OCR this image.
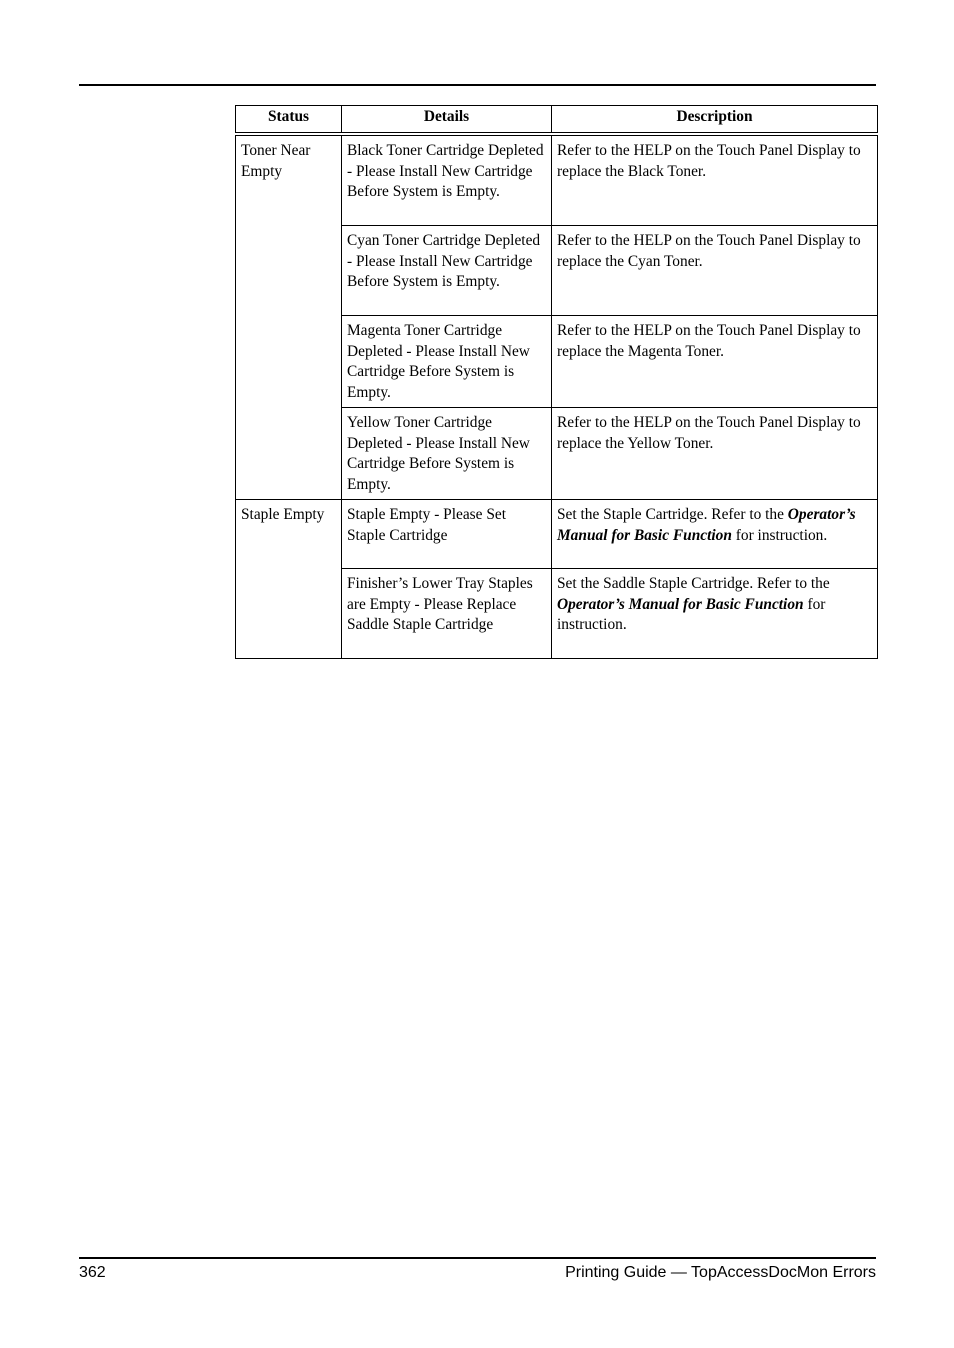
Status	Details	Description
Toner Near Empty	Black Toner Cartridge Depleted - Please Install New Cartridge Before System is Empty.	Refer to the HELP on the Touch Panel Display to replace the Black Toner.
	Cyan Toner Cartridge Depleted - Please Install New Cartridge Before System is Empty.	Refer to the HELP on the Touch Panel Display to replace the Cyan Toner.
	Magenta Toner Cartridge Depleted - Please Install New Cartridge Before System is Empty.	Refer to the HELP on the Touch Panel Display to replace the Magenta Toner.
	Yellow Toner Cartridge Depleted - Please Install New Cartridge Before System is Empty.	Refer to the HELP on the Touch Panel Display to replace the Yellow Toner.
Staple Empty	Staple Empty - Please Set Staple Cartridge	Set the Staple Cartridge. Refer to the Operator’s Manual for Basic Function for instruction.
	Finisher’s Lower Tray Staples are Empty - Please Replace Saddle Staple Cartridge	Set the Saddle Staple Cartridge. Refer to the Operator’s Manual for Basic Function for instruction.
362	Printing Guide — TopAccessDocMon Errors
